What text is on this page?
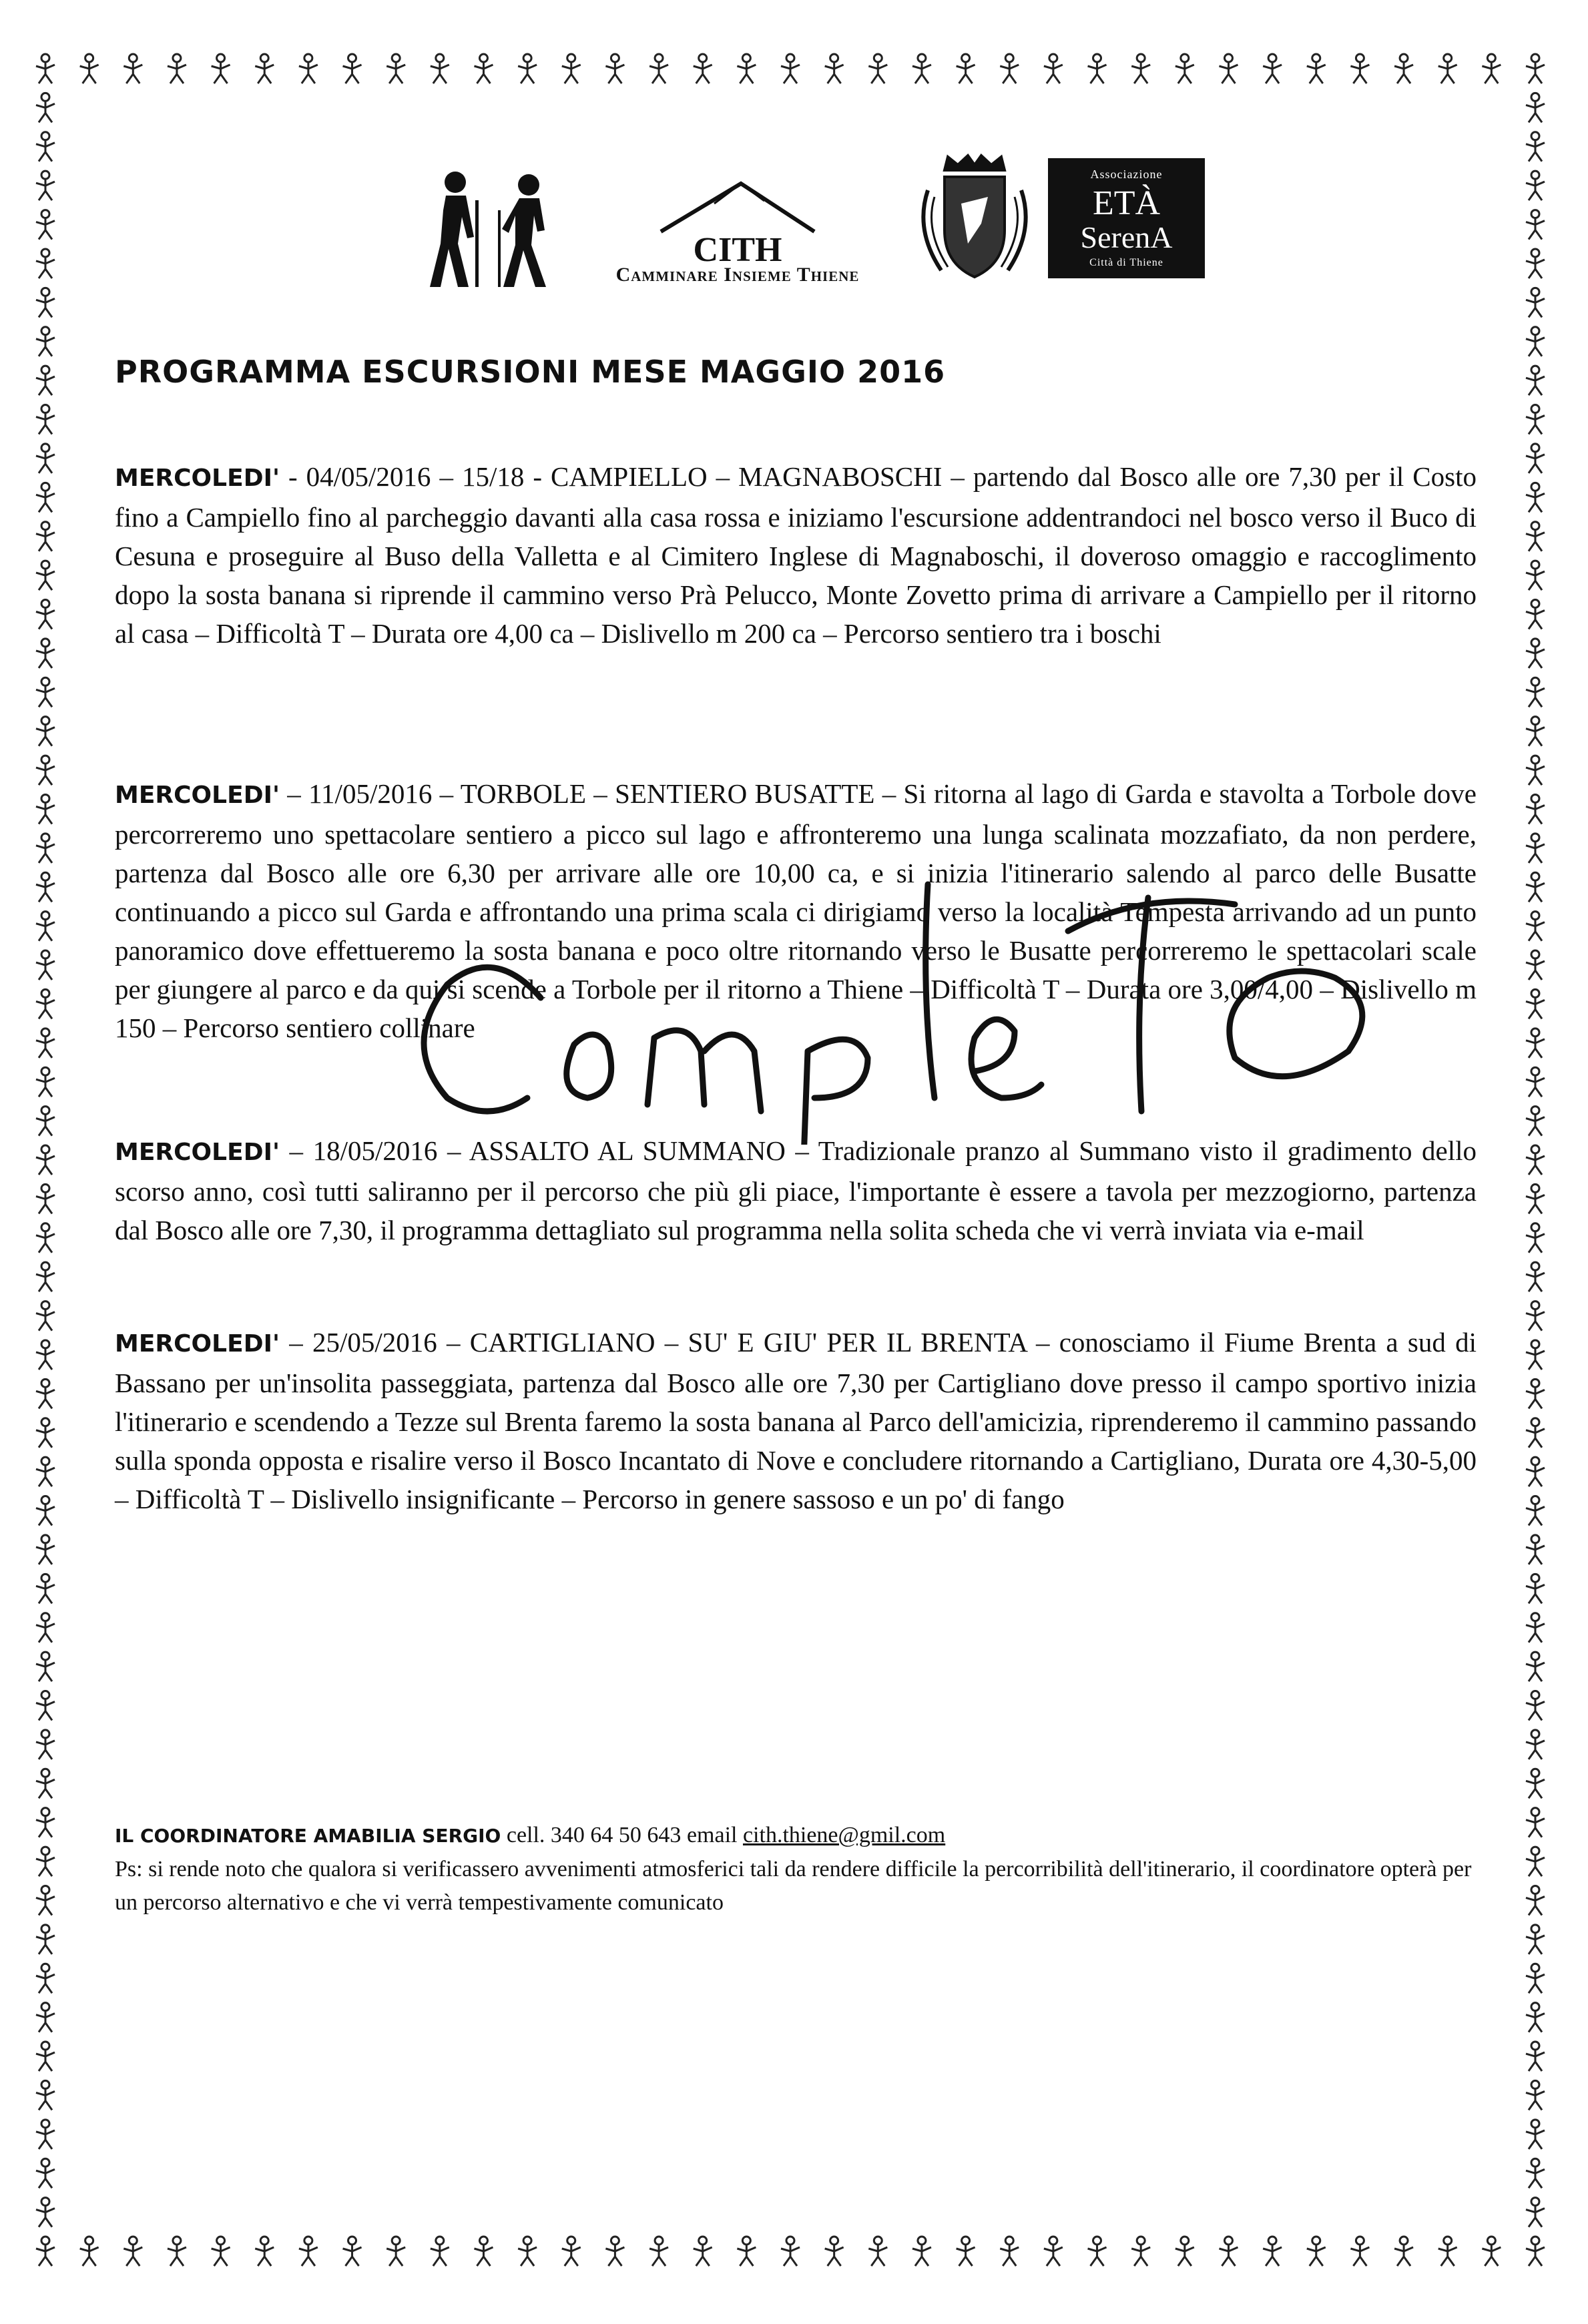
CITH
Camminare Insieme Thiene
Associazione
ETÀ
SerenA
Città di Thiene
PROGRAMMA ESCURSIONI MESE MAGGIO 2016
MERCOLEDI' - 04/05/2016 – 15/18 - CAMPIELLO – MAGNABOSCHI – partendo dal Bosco alle ore 7,30 per il Costo fino a Campiello fino al parcheggio davanti alla casa rossa e iniziamo l'escursione addentrandoci nel bosco verso il Buco di Cesuna e proseguire al Buso della Valletta e al Cimitero Inglese di Magnaboschi, il doveroso omaggio e raccoglimento dopo la sosta banana si riprende il cammino verso Prà Pelucco, Monte Zovetto prima di arrivare a Campiello per il ritorno al casa – Difficoltà T – Durata ore 4,00 ca – Dislivello m 200 ca – Percorso sentiero tra i boschi
MERCOLEDI' – 11/05/2016 – TORBOLE – SENTIERO BUSATTE – Si ritorna al lago di Garda e stavolta a Torbole dove percorreremo uno spettacolare sentiero a picco sul lago e affronteremo una lunga scalinata mozzafiato, da non perdere, partenza dal Bosco alle ore 6,30 per arrivare alle ore 10,00 ca, e si inizia l'itinerario salendo al parco delle Busatte continuando a picco sul Garda e affrontando una prima scala ci dirigiamo verso la località Tempesta arrivando ad un punto panoramico dove effettueremo la sosta banana e poco oltre ritornando verso le Busatte percorreremo le spettacolari scale per giungere al parco e da qui si scende a Torbole per il ritorno a Thiene – Difficoltà T – Durata ore 3,00/4,00 – Dislivello m 150 – Percorso sentiero collinare
MERCOLEDI' – 18/05/2016 – ASSALTO AL SUMMANO – Tradizionale pranzo al Summano visto il gradimento dello scorso anno, così tutti saliranno per il percorso che più gli piace, l'importante è essere a tavola per mezzogiorno, partenza dal Bosco alle ore 7,30, il programma dettagliato sul programma nella solita scheda che vi verrà inviata via e-mail
MERCOLEDI' – 25/05/2016 – CARTIGLIANO – SU' E GIU' PER IL BRENTA – conosciamo il Fiume Brenta a sud di Bassano per un'insolita passeggiata, partenza dal Bosco alle ore 7,30 per Cartigliano dove presso il campo sportivo inizia l'itinerario e scendendo a Tezze sul Brenta faremo la sosta banana al Parco dell'amicizia, riprenderemo il cammino passando sulla sponda opposta e risalire verso il Bosco Incantato di Nove e concludere ritornando a Cartigliano, Durata ore 4,30-5,00 – Difficoltà T – Dislivello insignificante – Percorso in genere sassoso e un po' di fango
IL COORDINATORE AMABILIA SERGIO cell. 340 64 50 643 email cith.thiene@gmil.com
Ps: si rende noto che qualora si verificassero avvenimenti atmosferici tali da rendere difficile la percorribilità dell'itinerario, il coordinatore opterà per un percorso alternativo e che vi verrà tempestivamente comunicato
